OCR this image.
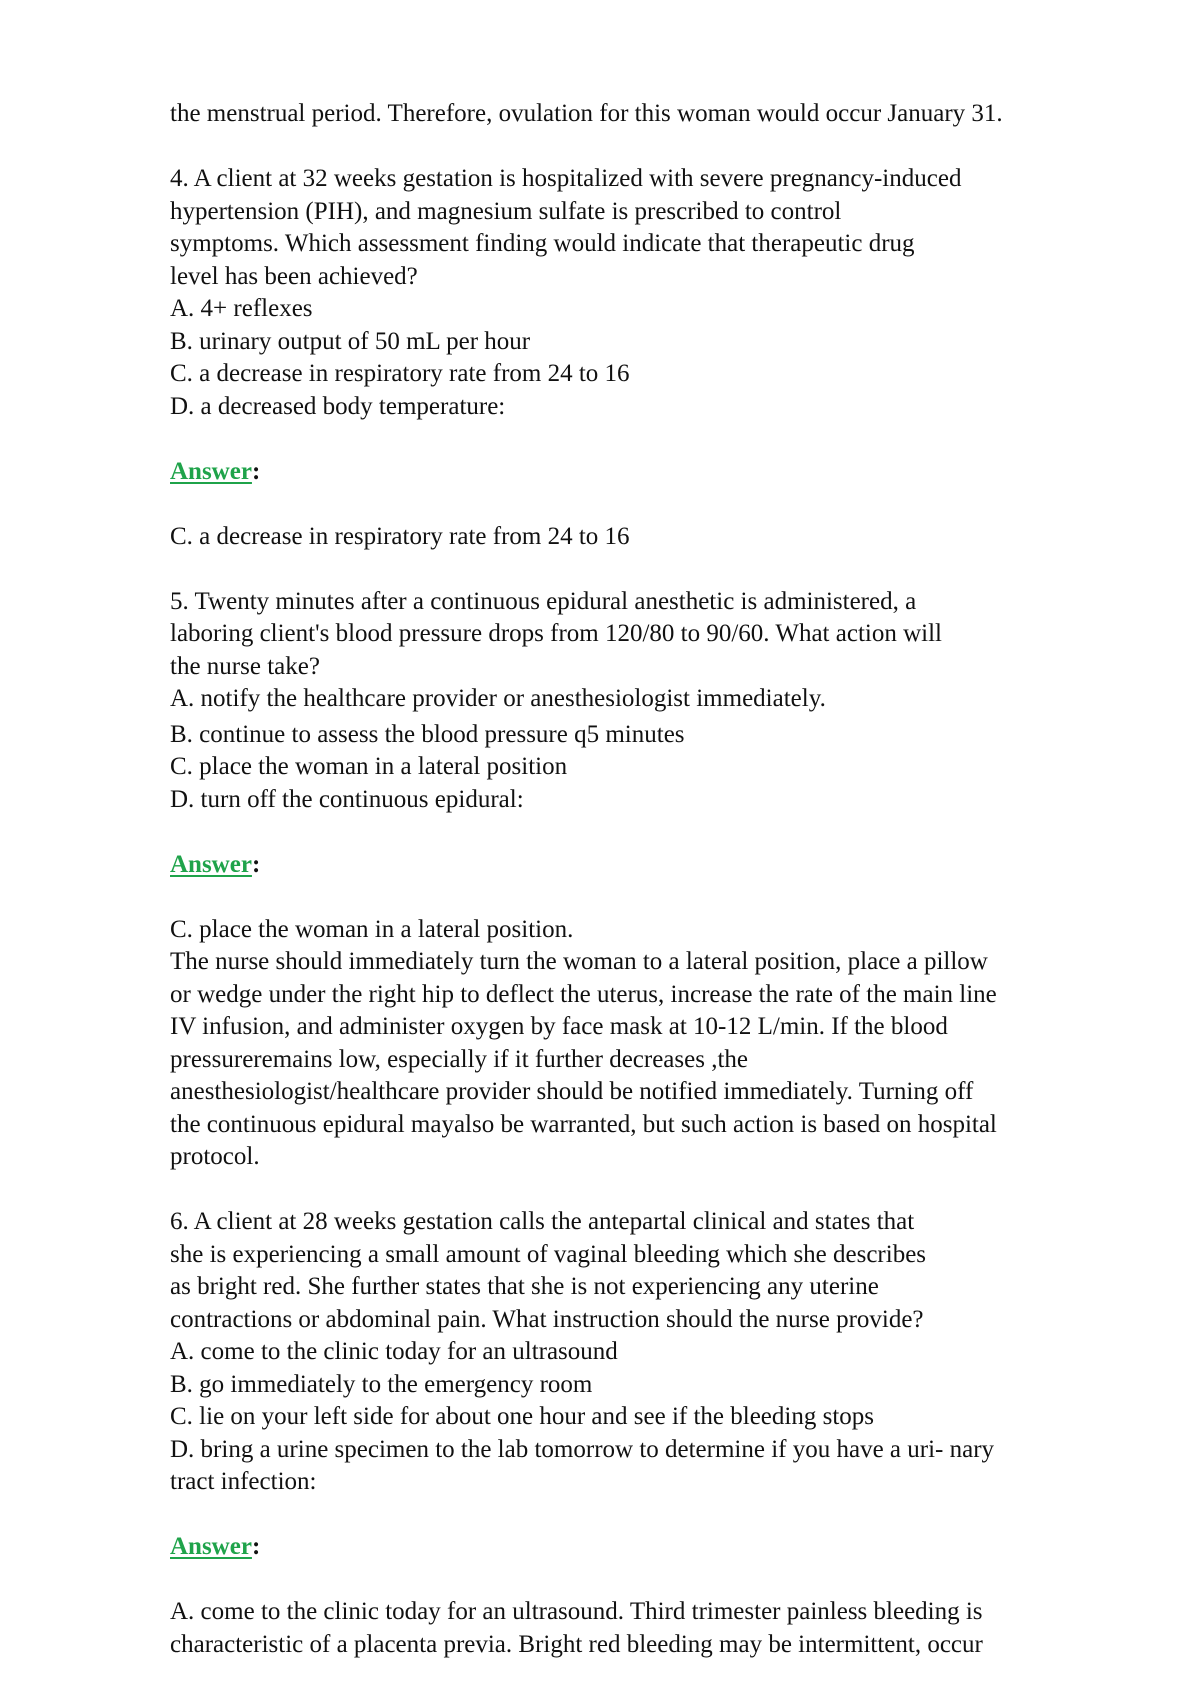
the menstrual period. Therefore, ovulation for this woman would occur January 31.
4. A client at 32 weeks gestation is hospitalized with severe pregnancy-induced
hypertension (PIH), and magnesium sulfate is prescribed to control
symptoms. Which assessment finding would indicate that therapeutic drug
level has been achieved?
A. 4+ reflexes
B. urinary output of 50 mL per hour
C. a decrease in respiratory rate from 24 to 16
D. a decreased body temperature:
Answer:
C. a decrease in respiratory rate from 24 to 16
5. Twenty minutes after a continuous epidural anesthetic is administered, a
laboring client's blood pressure drops from 120/80 to 90/60. What action will
the nurse take?
A. notify the healthcare provider or anesthesiologist immediately.
B. continue to assess the blood pressure q5 minutes
C. place the woman in a lateral position
D. turn off the continuous epidural:
Answer:
C. place the woman in a lateral position.
The nurse should immediately turn the woman to a lateral position, place a pillow
or wedge under the right hip to deflect the uterus, increase the rate of the main line
IV infusion, and administer oxygen by face mask at 10-12 L/min. If the blood
pressureremains low, especially if it further decreases ,the
anesthesiologist/healthcare provider should be notified immediately. Turning off
the continuous epidural mayalso be warranted, but such action is based on hospital
protocol.
6. A client at 28 weeks gestation calls the antepartal clinical and states that
she is experiencing a small amount of vaginal bleeding which she describes
as bright red. She further states that she is not experiencing any uterine
contractions or abdominal pain. What instruction should the nurse provide?
A. come to the clinic today for an ultrasound
B. go immediately to the emergency room
C. lie on your left side for about one hour and see if the bleeding stops
D. bring a urine specimen to the lab tomorrow to determine if you have a uri- nary
tract infection:
Answer:
A. come to the clinic today for an ultrasound. Third trimester painless bleeding is
characteristic of a placenta previa. Bright red bleeding may be intermittent, occur
